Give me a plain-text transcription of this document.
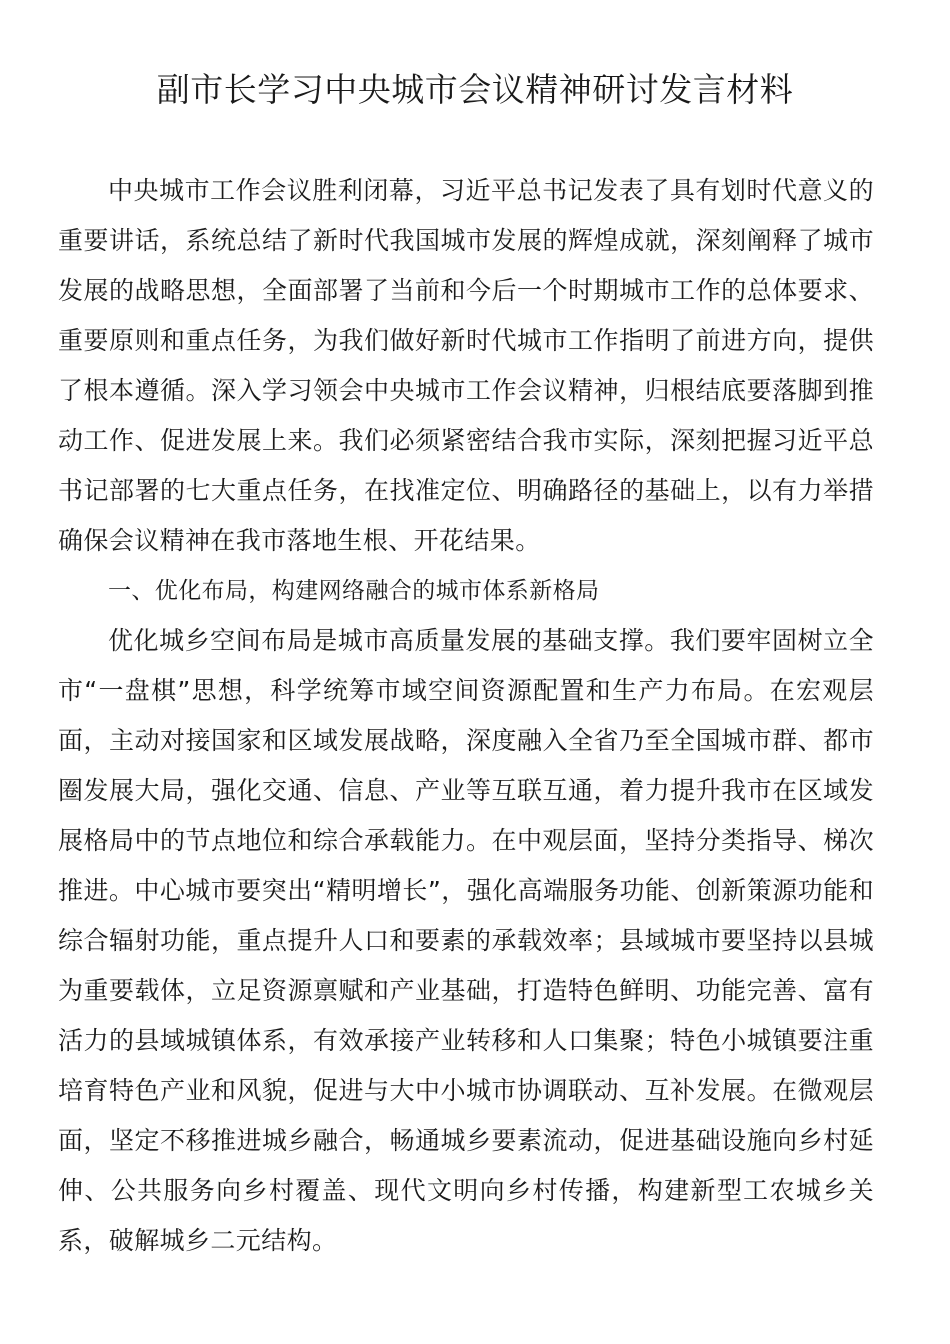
副市长学习中央城市会议精神研讨发言材料

中央城市工作会议胜利闭幕，习近平总书记发表了具有划时代意义的重要讲话，系统总结了新时代我国城市发展的辉煌成就，深刻阐释了城市发展的战略思想，全面部署了当前和今后一个时期城市工作的总体要求、重要原则和重点任务，为我们做好新时代城市工作指明了前进方向，提供了根本遵循。深入学习领会中央城市工作会议精神，归根结底要落脚到推动工作、促进发展上来。我们必须紧密结合我市实际，深刻把握习近平总书记部署的七大重点任务，在找准定位、明确路径的基础上，以有力举措确保会议精神在我市落地生根、开花结果。

一、优化布局，构建网络融合的城市体系新格局

优化城乡空间布局是城市高质量发展的基础支撑。我们要牢固树立全市“一盘棋”思想，科学统筹市域空间资源配置和生产力布局。在宏观层面，主动对接国家和区域发展战略，深度融入全省乃至全国城市群、都市圈发展大局，强化交通、信息、产业等互联互通，着力提升我市在区域发展格局中的节点地位和综合承载能力。在中观层面，坚持分类指导、梯次推进。中心城市要突出“精明增长”，强化高端服务功能、创新策源功能和综合辐射功能，重点提升人口和要素的承载效率；县域城市要坚持以县城为重要载体，立足资源禀赋和产业基础，打造特色鲜明、功能完善、富有活力的县域城镇体系，有效承接产业转移和人口集聚；特色小城镇要注重培育特色产业和风貌，促进与大中小城市协调联动、互补发展。在微观层面，坚定不移推进城乡融合，畅通城乡要素流动，促进基础设施向乡村延伸、公共服务向乡村覆盖、现代文明向乡村传播，构建新型工农城乡关系，破解城乡二元结构。
